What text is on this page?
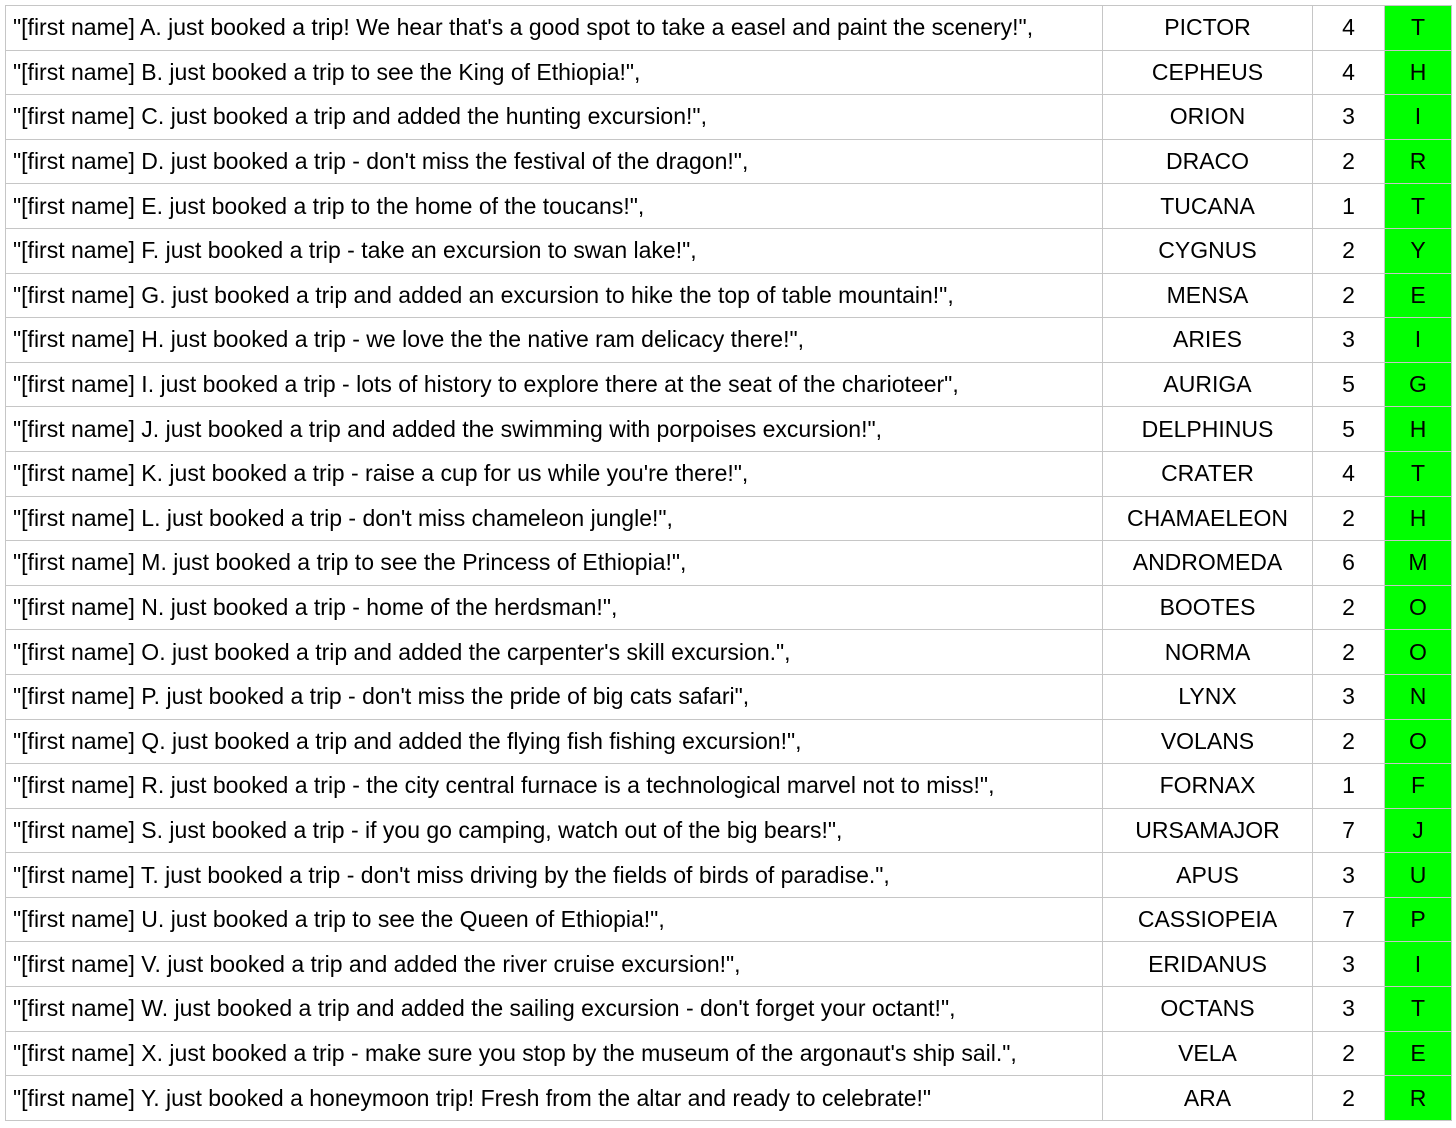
"[first name] A. just booked a trip! We hear that's a good spot to take a easel and paint the scenery!",	PICTOR	4	T
"[first name] B. just booked a trip to see the King of Ethiopia!",	CEPHEUS	4	H
"[first name] C. just booked a trip and added the hunting excursion!",	ORION	3	I
"[first name] D. just booked a trip - don't miss the festival of the dragon!",	DRACO	2	R
"[first name] E. just booked a trip to the home of the toucans!",	TUCANA	1	T
"[first name] F. just booked a trip - take an excursion to swan lake!",	CYGNUS	2	Y
"[first name] G. just booked a trip and added an excursion to hike the top of table mountain!",	MENSA	2	E
"[first name] H. just booked a trip - we love the the native ram delicacy there!",	ARIES	3	I
"[first name] I. just booked a trip - lots of history to explore there at the seat of the charioteer",	AURIGA	5	G
"[first name] J. just booked a trip and added the swimming with porpoises excursion!",	DELPHINUS	5	H
"[first name] K. just booked a trip - raise a cup for us while you're there!",	CRATER	4	T
"[first name] L. just booked a trip - don't miss chameleon jungle!",	CHAMAELEON	2	H
"[first name] M. just booked a trip to see the Princess of Ethiopia!",	ANDROMEDA	6	M
"[first name] N. just booked a trip - home of the herdsman!",	BOOTES	2	O
"[first name] O. just booked a trip and added the carpenter's skill excursion.",	NORMA	2	O
"[first name] P. just booked a trip - don't miss the pride of big cats safari",	LYNX	3	N
"[first name] Q. just booked a trip and added the flying fish fishing excursion!",	VOLANS	2	O
"[first name] R. just booked a trip - the city central furnace is a technological marvel not to miss!",	FORNAX	1	F
"[first name] S. just booked a trip - if you go camping, watch out of the big bears!",	URSAMAJOR	7	J
"[first name] T. just booked a trip - don't miss driving by the fields of birds of paradise.",	APUS	3	U
"[first name] U. just booked a trip to see the Queen of Ethiopia!",	CASSIOPEIA	7	P
"[first name] V. just booked a trip and added the river cruise excursion!",	ERIDANUS	3	I
"[first name] W. just booked a trip and added the sailing excursion - don't forget your octant!",	OCTANS	3	T
"[first name] X. just booked a trip - make sure you stop by the museum of the argonaut's ship sail.",	VELA	2	E
"[first name] Y. just booked a honeymoon trip! Fresh from the altar and ready to celebrate!"	ARA	2	R
